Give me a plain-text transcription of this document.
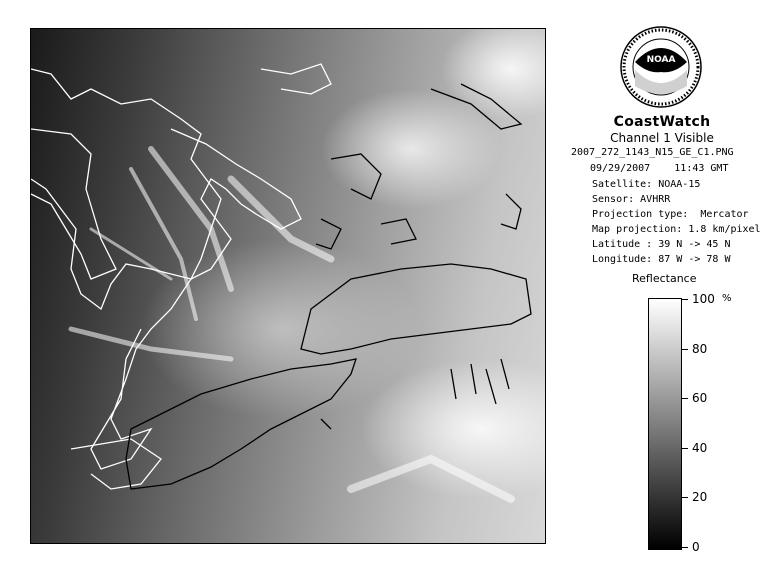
NOAA
CoastWatch
Channel 1 Visible
2007_272_1143_N15_GE_C1.PNG
09/29/2007    11:43 GMT
Satellite: NOAA-15
Sensor: AVHRR
Projection type:  Mercator
Map projection: 1.8 km/pixel
Latitude : 39 N -> 45 N
Longitude: 87 W -> 78 W
Reflectance
%
100
80
60
40
20
0
